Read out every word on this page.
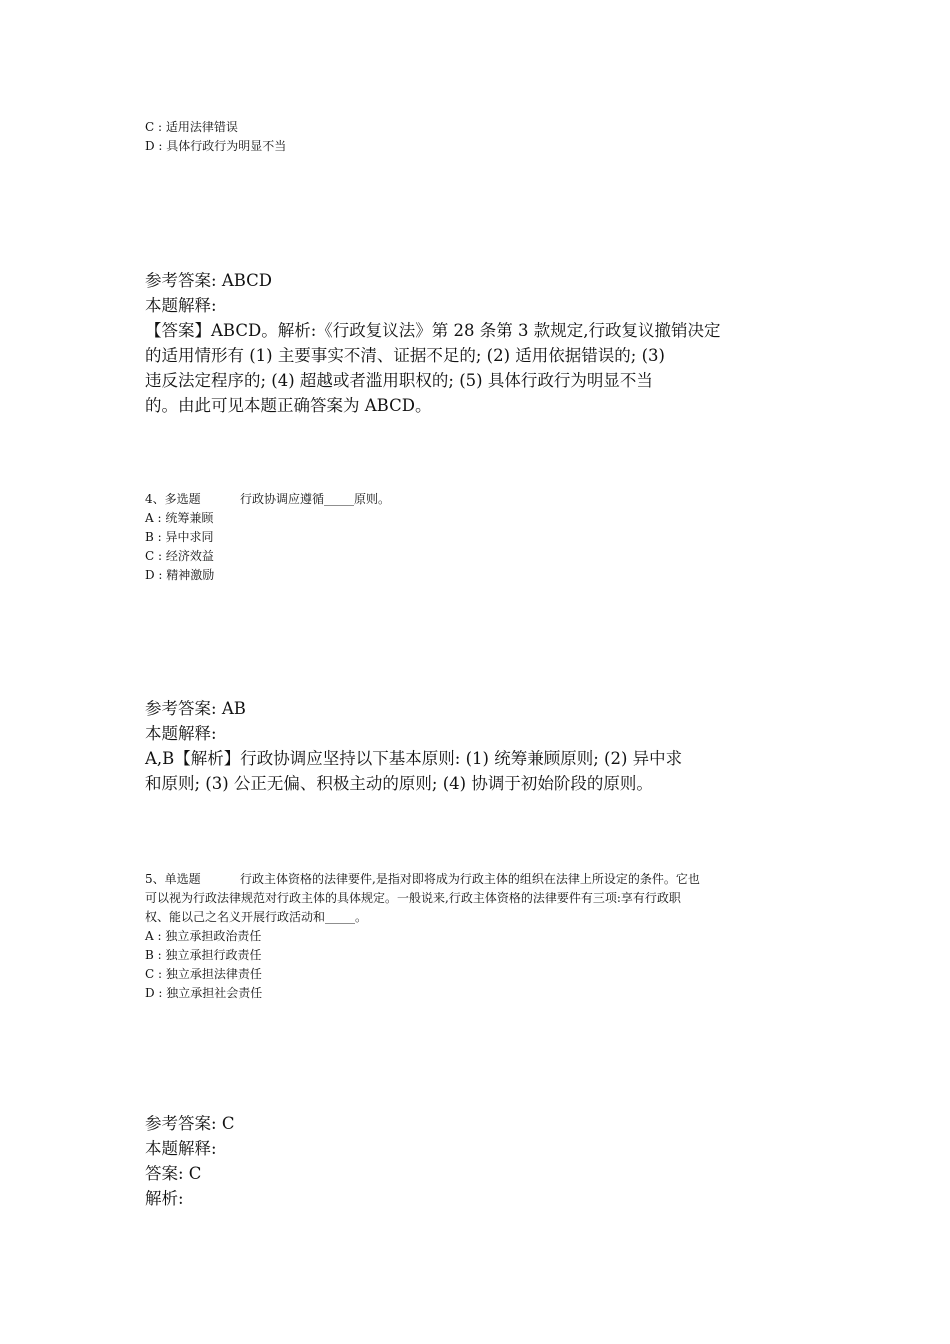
C : 适用法律错误
D : 具体行政行为明显不当
参考答案: ABCD
本题解释:
【答案】ABCD。解析:《行政复议法》第 28 条第 3 款规定,行政复议撤销决定
的适用情形有 (1) 主要事实不清、证据不足的; (2) 适用依据错误的; (3)
违反法定程序的; (4) 超越或者滥用职权的; (5) 具体行政行为明显不当
的。由此可见本题正确答案为 ABCD。
4、多选题	行政协调应遵循_____原则。
A : 统筹兼顾
B : 异中求同
C : 经济效益
D : 精神激励
参考答案: AB
本题解释:
A,B【解析】行政协调应坚持以下基本原则: (1) 统筹兼顾原则; (2) 异中求
和原则; (3) 公正无偏、积极主动的原则; (4) 协调于初始阶段的原则。
5、单选题	行政主体资格的法律要件,是指对即将成为行政主体的组织在法律上所设定的条件。它也
可以视为行政法律规范对行政主体的具体规定。一般说来,行政主体资格的法律要件有三项:享有行政职
权、能以己之名义开展行政活动和_____。
A : 独立承担政治责任
B : 独立承担行政责任
C : 独立承担法律责任
D : 独立承担社会责任
参考答案: C
本题解释:
答案: C
解析:
